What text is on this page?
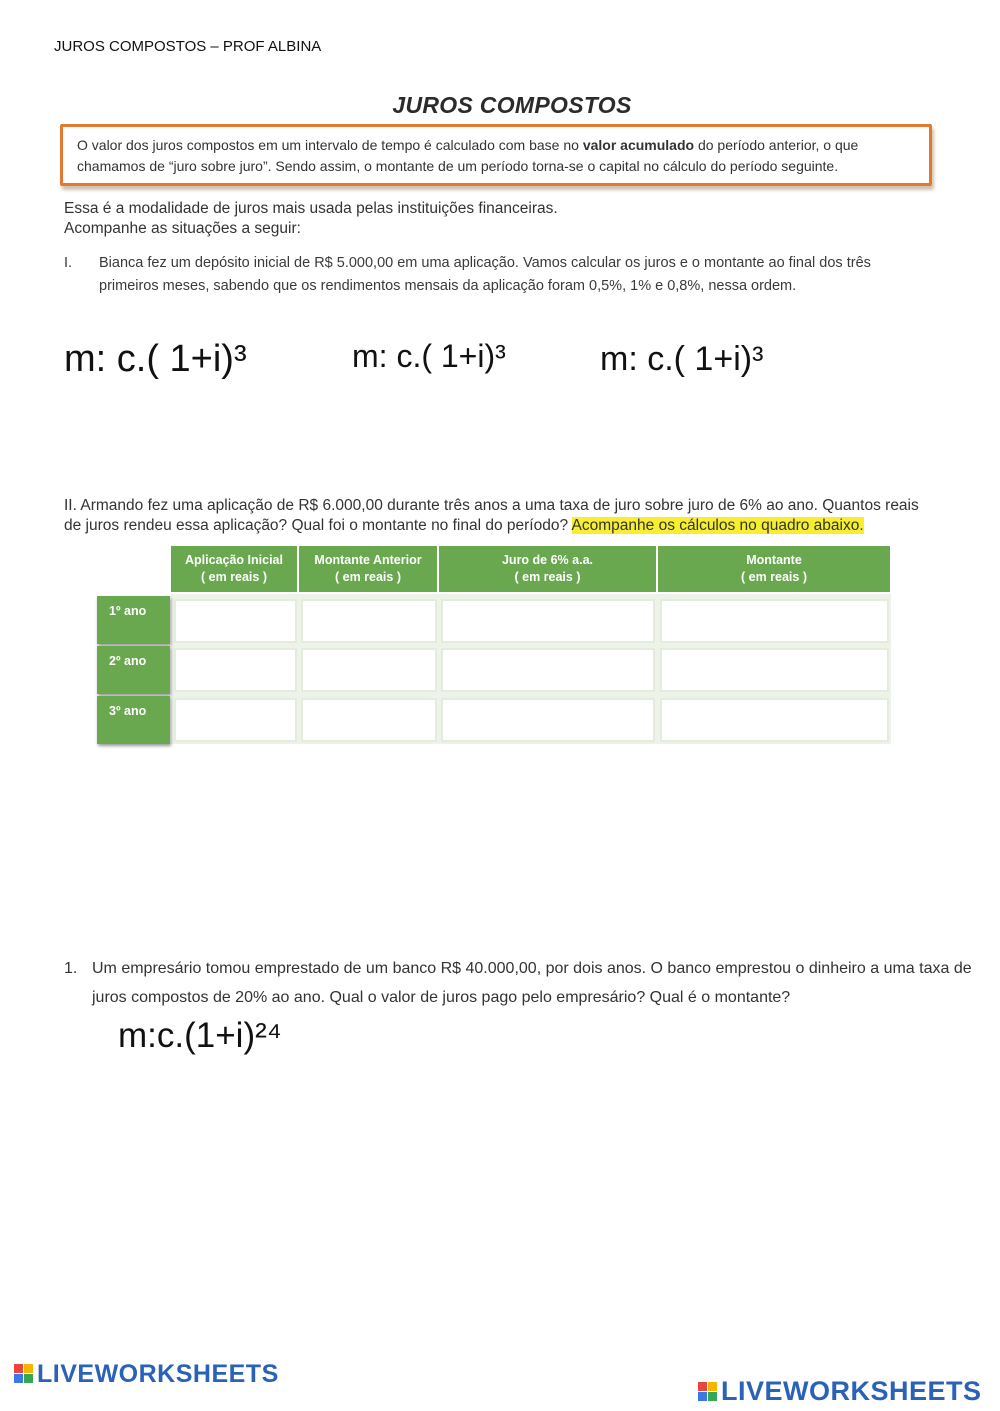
JUROS COMPOSTOS – PROF ALBINA
JUROS COMPOSTOS
O valor dos juros compostos em um intervalo de tempo é calculado com base no valor acumulado do período anterior, o que
chamamos de “juro sobre juro”. Sendo assim, o montante de um período torna-se o capital no cálculo do período seguinte.
Essa é a modalidade de juros mais usada pelas instituições financeiras.
Acompanhe as situações a seguir:
I. Bianca fez um depósito inicial de R$ 5.000,00 em uma aplicação. Vamos calcular os juros e o montante ao final dos três primeiros meses, sabendo que os rendimentos mensais da aplicação foram 0,5%, 1% e 0,8%, nessa ordem.
m: c.( 1+i)³	m: c.( 1+i)³	m: c.( 1+i)³
II. Armando fez uma aplicação de R$ 6.000,00 durante três anos a uma taxa de juro sobre juro de 6% ao ano. Quantos reais de juros rendeu essa aplicação? Qual foi o montante no final do período? Acompanhe os cálculos no quadro abaixo.
Aplicação Inicial
( em reais )
Montante Anterior
( em reais )
Juro de 6% a.a.
( em reais )
Montante
( em reais )
1º ano
2º ano
3º ano
1. Um empresário tomou emprestado de um banco R$ 40.000,00, por dois anos. O banco emprestou o dinheiro a uma taxa de juros compostos de 20% ao ano. Qual o valor de juros pago pelo empresário? Qual é o montante?
m:c.(1+i)²⁴
LIVEWORKSHEETS
LIVEWORKSHEETS
